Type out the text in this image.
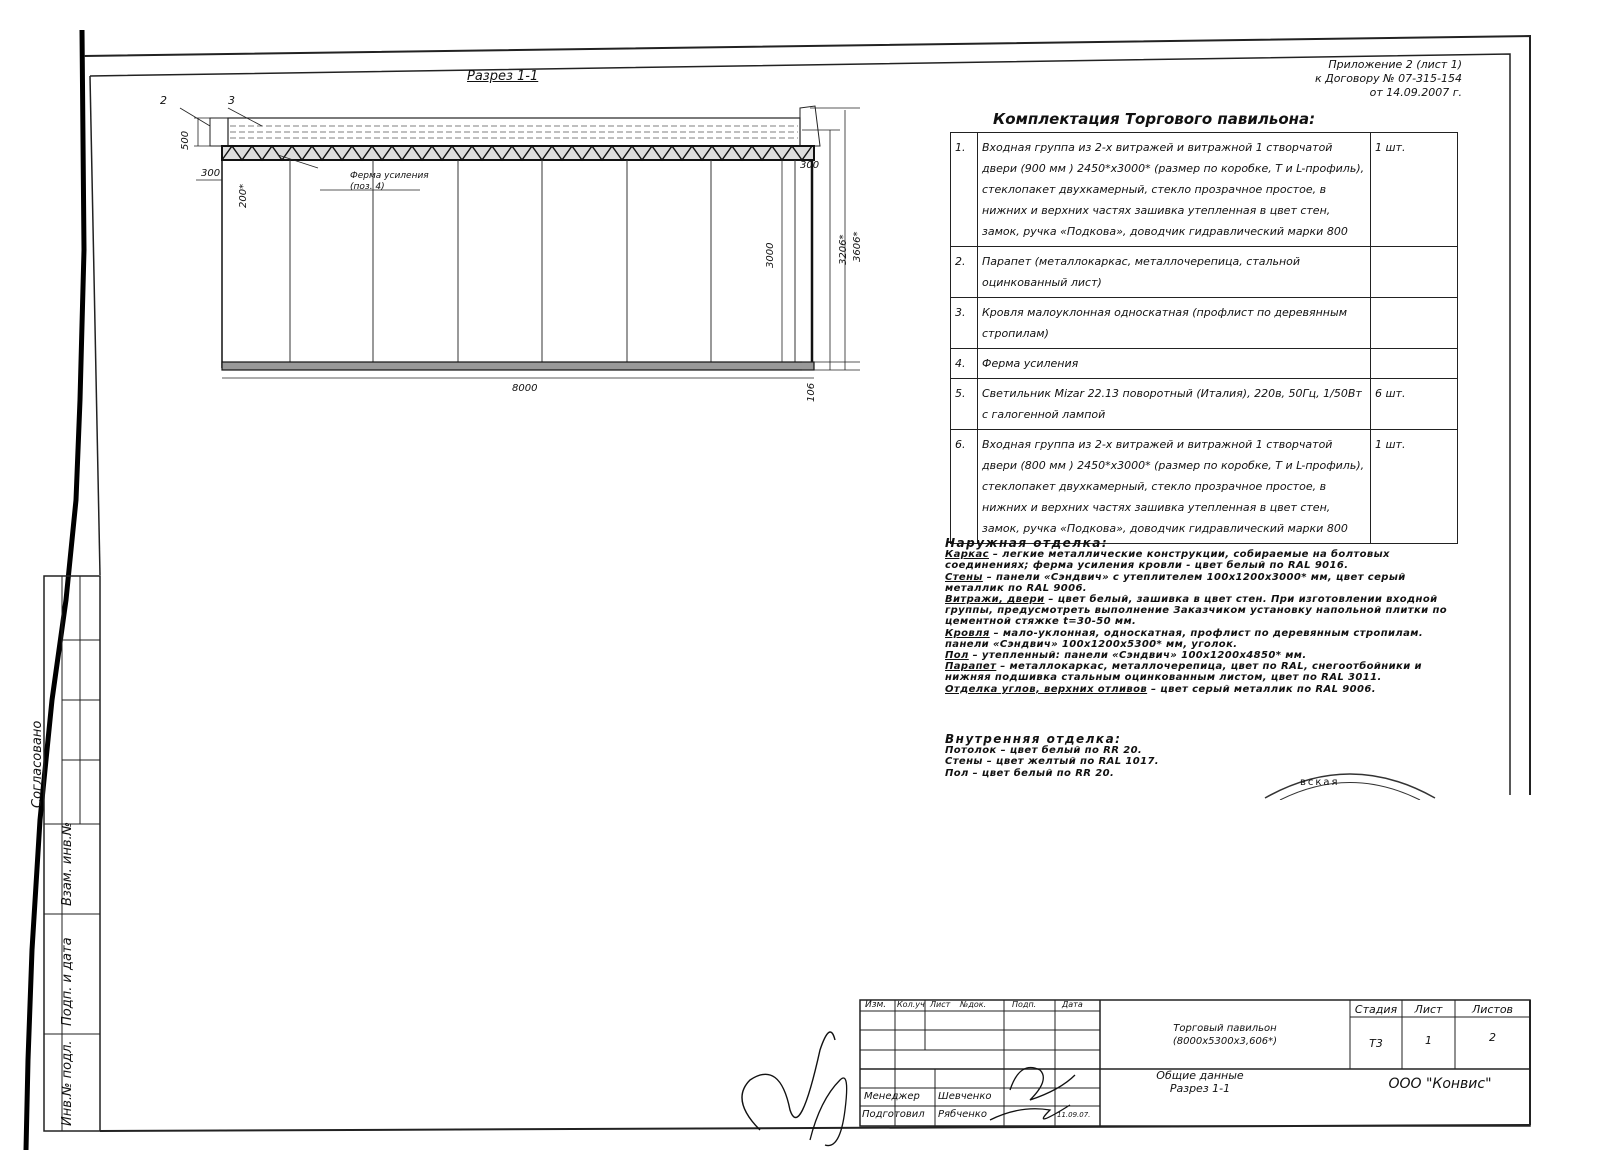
Разрез 1-1
2	3
500
300
300
200*
Ферма усиления (поз. 4)
3000	3206* 3606*
8000	106
Приложение 2 (лист 1)
к Договору № 07-315-154
от 14.09.2007 г.
Комплектация Торгового павильона:
1.	Входная группа из 2-х витражей и витражной 1 створчатой двери (900 мм ) 2450*х3000* (размер по коробке, Т и L-профиль), стеклопакет двухкамерный, стекло прозрачное простое, в нижних и верхних частях зашивка утепленная в цвет стен, замок, ручка «Подкова», доводчик гидравлический марки 800	1 шт.
2.	Парапет (металлокаркас, металлочерепица, стальной оцинкованный лист)	
3.	Кровля малоуклонная односкатная (профлист по деревянным стропилам)	
4.	Ферма усиления	
5.	Светильник Mizar 22.13 поворотный (Италия), 220в, 50Гц, 1/50Вт с галогенной лампой	6 шт.
6.	Входная группа из 2-х витражей и витражной 1 створчатой двери (800 мм ) 2450*х3000* (размер по коробке, Т и L-профиль), стеклопакет двухкамерный, стекло прозрачное простое, в нижних и верхних частях зашивка утепленная в цвет стен, замок, ручка «Подкова», доводчик гидравлический марки 800	1 шт.
Наружная отделка:
Каркас – легкие металлические конструкции, собираемые на болтовых соединениях; ферма усиления кровли - цвет белый по RAL 9016.
Стены – панели «Сэндвич» с утеплителем 100х1200х3000* мм, цвет серый металлик по RAL 9006.
Витражи, двери – цвет белый, зашивка в цвет стен. При изготовлении входной группы, предусмотреть выполнение Заказчиком установку напольной плитки по цементной стяжке t=30-50 мм.
Кровля – мало-уклонная, односкатная, профлист по деревянным стропилам. панели «Сэндвич» 100х1200х5300* мм, уголок.
Пол – утепленный: панели «Сэндвич» 100х1200х4850* мм.
Парапет – металлокаркас, металлочерепица, цвет по RAL, снегоотбойники и нижняя подшивка стальным оцинкованным листом, цвет по RAL 3011.
Отделка углов, верхних отливов – цвет серый металлик по RAL 9006.
Внутренняя отделка:
Потолок – цвет белый по RR 20.
Стены – цвет желтый по RAL 1017.
Пол – цвет белый по RR 20.
вская
Согласовано
Взам. инв.№
Подп. и дата
Инв.№ подл.
Изм. Кол.уч Лист №док.	Подп.	Дата
Торговый павильон
(8000х5300х3,606*)
Общие данные
Разрез 1-1
Стадия	Лист	Листов
Т3	1	2
ООО "Конвис"
Менеджер Шевченко
Подготовил Рябченко	11.09.07.
